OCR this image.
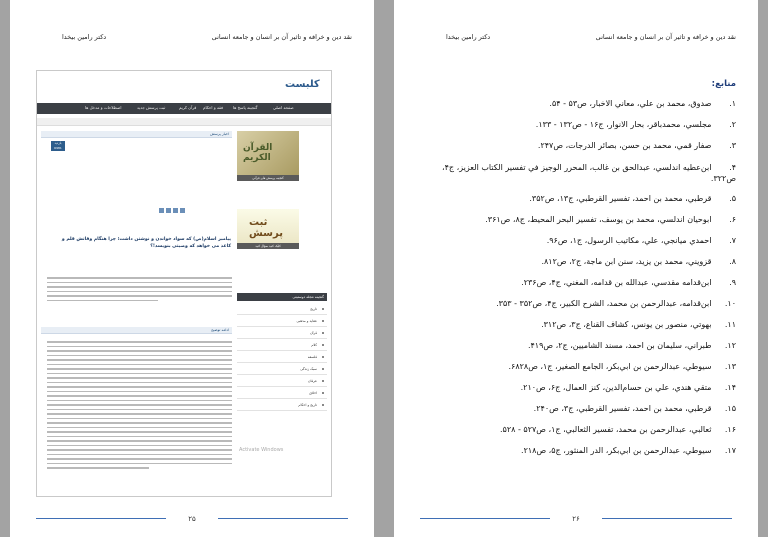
نقد دين و خرافه و تاثير آن بر انسان و جامعه انسانی
دکتر رامين بيخدا
كلبست
صفحه اصلي
گنجينه پاسخ ها
فقه و احكام
قرآن كريم
ثبت پرسش جديد
اصطلاحات و مدخل ها
اخبار پرسش
بازديد
6981	القرآن الكريم
گنجينه پرسش هاي قرآني
ثبت پرسش
کلیک کنید سؤال کنيد
پیامبر اسلام(ص) که سواد خواندن و نوشتن داشت؛ چرا هنگام وفاتش قلم و کاغذ می خواهد که وصیتی بنویسد!؟
ادامه توضيح
گنجینه مجله دوستیتی
تاریخ
عقاید و مذهبی
قرآن
کلام
فلسفه
سبک زندگی
عرفان
اخلاق
تاریخ و احکام
Activate Windows
۲۵
نقد دين و خرافه و تاثير آن بر انسان و جامعه انسانی
دکتر رامين بيخدا
منابع:
۱. صدوق، محمد بن علي، معاني الاخبار، ص۵۳ - ۵۴.
۲. مجلسي، محمدباقر، بحار الانوار، ج۱۶ - ص۱۳۲ - ۱۳۳.
۳. صفار قمي، محمد بن حسن، بصائر الدرجات، ص۲۴۷.
۴. ابن‌عطيه اندلسي، عبدالحق بن غالب، المحرر الوجيز في تفسير الكتاب العزيز، ج۴، ص۳۲۲.
۵. قرطبي، محمد بن احمد، تفسير القرطبي، ج۱۳، ص۳۵۲.
۶. ابوحيان اندلسي، محمد بن يوسف، تفسير البحر المحيط، ج۸، ص۳۶۱.
۷. احمدي ميانجي، علي، مكاتيب الرسول، ج۱، ص۹۶.
۸. قزويني، محمد بن يزيد، سنن ابن ماجة، ج۲، ص۸۱۲.
۹. ابن‌قدامه مقدسي، عبدالله بن قدامه، المغني، ج۴، ص۲۳۶.
۱۰. ابن‌قدامه، عبدالرحمن بن محمد، الشرح الكبير، ج۴، ص۳۵۲ - ۳۵۳.
۱۱. بهوتي، منصور بن يونس، كشاف القناع، ج۳، ص۳۱۲.
۱۲. طبراني، سليمان بن احمد، مسند الشاميين، ج۲، ص۴۱۹.
۱۳. سيوطي، عبدالرحمن بن ابي‌بكر، الجامع الصغير، ج۱، ص۶۸۲۸.
۱۴. متقي هندي، علي بن حسام‌الدين، كنز العمال، ج۶، ص۲۱۰.
۱۵. قرطبي، محمد بن احمد، تفسير القرطبي، ج۳، ص۲۴۰.
۱۶. ثعالبي، عبدالرحمن بن محمد، تفسير الثعالبي، ج۱، ص۵۲۷ - ۵۲۸.
۱۷. سيوطي، عبدالرحمن بن ابي‌بكر، الدر المنثور، ج۵، ص۲۱۸.
۲۶
